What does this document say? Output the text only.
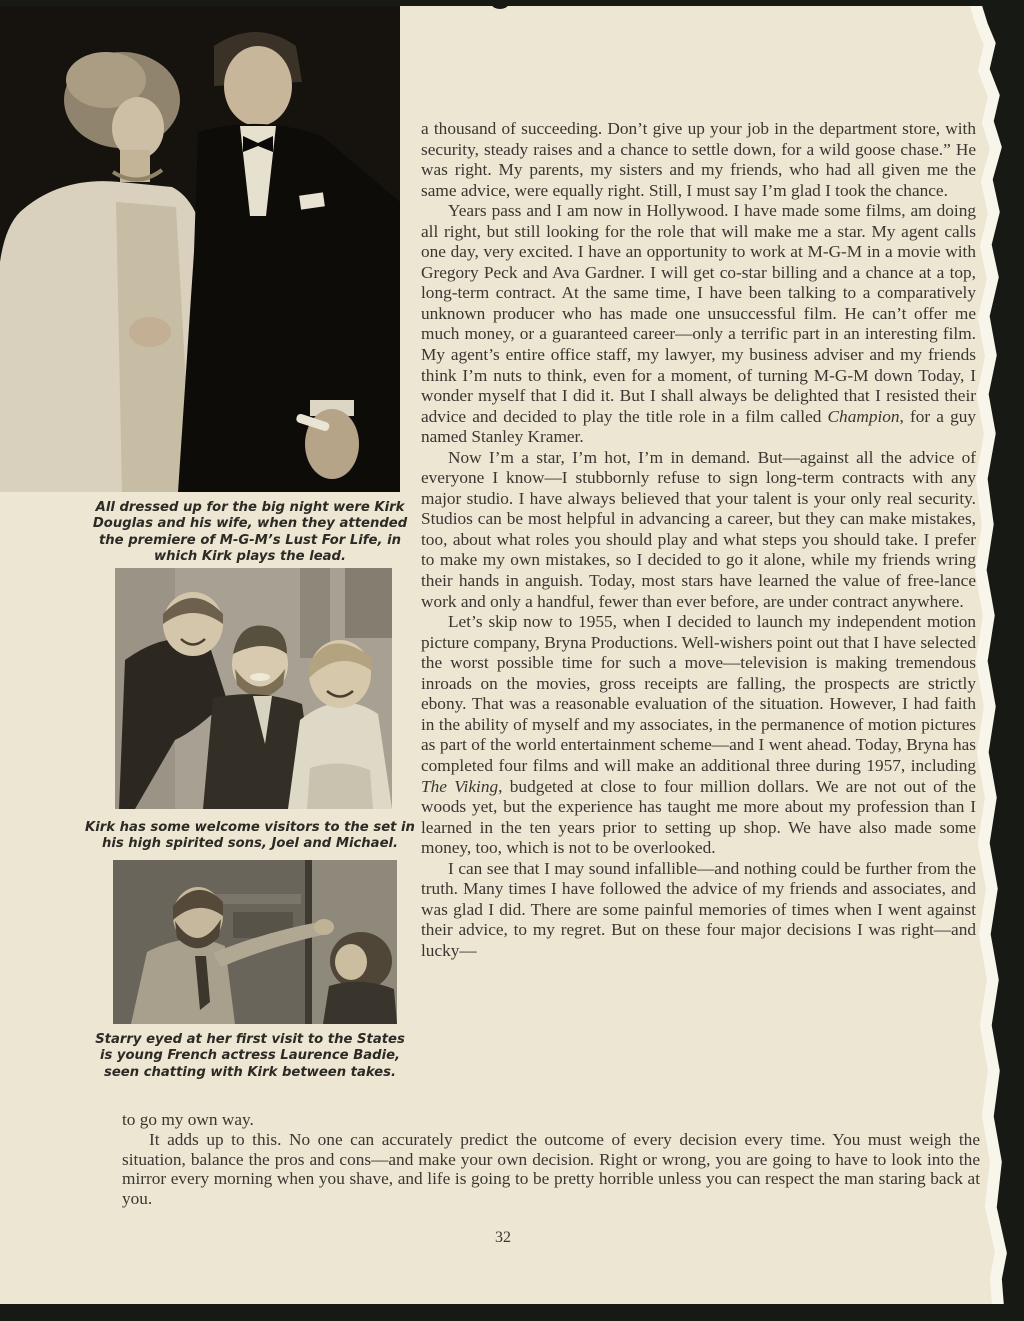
All dressed up for the big night were Kirk Douglas and his wife, when they attended the premiere of M-G-M’s Lust For Life, in which Kirk plays the lead.
Kirk has some welcome visitors to the set in his high spirited sons, Joel and Michael.
Starry eyed at her first visit to the States is young French actress Laurence Badie, seen chatting with Kirk between takes.

a thousand of succeeding. Don’t give up your job in the department store, with security, steady raises and a chance to settle down, for a wild goose chase.” He was right. My parents, my sisters and my friends, who had all given me the same advice, were equally right. Still, I must say I’m glad I took the chance.

Years pass and I am now in Hollywood. I have made some films, am doing all right, but still looking for the role that will make me a star. My agent calls one day, very excited. I have an opportunity to work at M-G-M in a movie with Gregory Peck and Ava Gardner. I will get co-star billing and a chance at a top, long-term contract. At the same time, I have been talking to a comparatively unknown producer who has made one unsuccessful film. He can’t offer me much money, or a guaranteed career—only a terrific part in an interesting film. My agent’s entire office staff, my lawyer, my business adviser and my friends think I’m nuts to think, even for a moment, of turning M-G-M down Today, I wonder myself that I did it. But I shall always be delighted that I resisted their advice and decided to play the title role in a film called Champion, for a guy named Stanley Kramer.

Now I’m a star, I’m hot, I’m in demand. But—against all the advice of everyone I know—I stubbornly refuse to sign long-term contracts with any major studio. I have always believed that your talent is your only real security. Studios can be most helpful in advancing a career, but they can make mistakes, too, about what roles you should play and what steps you should take. I prefer to make my own mistakes, so I decided to go it alone, while my friends wring their hands in anguish. Today, most stars have learned the value of free-lance work and only a handful, fewer than ever before, are under contract anywhere.

Let’s skip now to 1955, when I decided to launch my independent motion picture company, Bryna Productions. Well-wishers point out that I have selected the worst possible time for such a move—television is making tremendous inroads on the movies, gross receipts are falling, the prospects are strictly ebony. That was a reasonable evaluation of the situation. However, I had faith in the ability of myself and my associates, in the permanence of motion pictures as part of the world entertainment scheme—and I went ahead. Today, Bryna has completed four films and will make an additional three during 1957, including The Viking, budgeted at close to four million dollars. We are not out of the woods yet, but the experience has taught me more about my profession than I learned in the ten years prior to setting up shop. We have also made some money, too, which is not to be overlooked.

I can see that I may sound infallible—and nothing could be further from the truth. Many times I have followed the advice of my friends and associates, and was glad I did. There are some painful memories of times when I went against their advice, to my regret. But on these four major decisions I was right—and lucky—

to go my own way.

It adds up to this. No one can accurately predict the outcome of every decision every time. You must weigh the situation, balance the pros and cons—and make your own decision. Right or wrong, you are going to have to look into the mirror every morning when you shave, and life is going to be pretty horrible unless you can respect the man staring back at you.

32
